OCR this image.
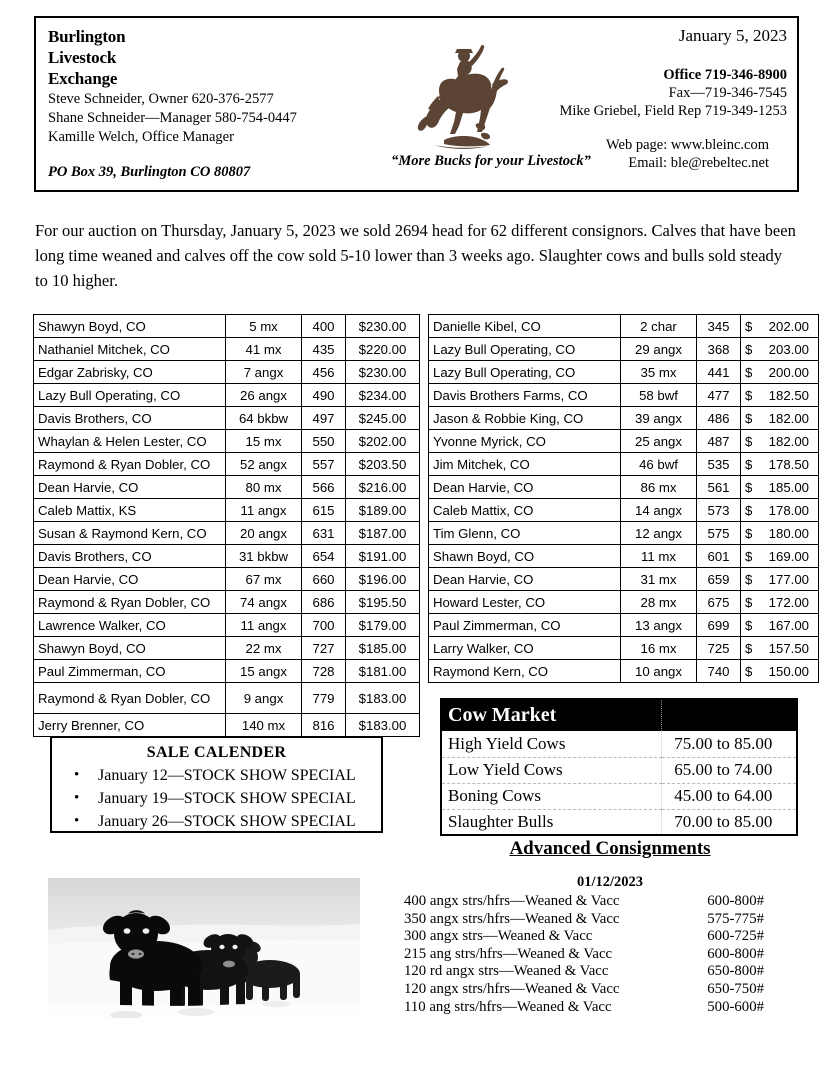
Burlington
Livestock
Exchange
Steve Schneider, Owner 620-376-2577
Shane Schneider—Manager 580-754-0447
Kamille Welch, Office Manager
PO Box 39, Burlington CO 80807
“More Bucks for your Livestock”
January 5, 2023
Office 719-346-8900
Fax—719-346-7545
Mike Griebel, Field Rep 719-349-1253
Web page: www.bleinc.com
Email: ble@rebeltec.net
For our auction on Thursday, January 5, 2023 we sold 2694 head for 62 different consignors. Calves that have been long time weaned and calves off the cow sold 5-10 lower than 3 weeks ago. Slaughter cows and bulls sold steady to 10 higher.
Shawyn Boyd, CO	5 mx	400	$230.00
Nathaniel Mitchek, CO	41 mx	435	$220.00
Edgar Zabrisky, CO	7 angx	456	$230.00
Lazy Bull Operating, CO	26 angx	490	$234.00
Davis Brothers, CO	64 bkbw	497	$245.00
Whaylan & Helen Lester, CO	15 mx	550	$202.00
Raymond & Ryan Dobler, CO	52 angx	557	$203.50
Dean Harvie, CO	80 mx	566	$216.00
Caleb Mattix, KS	11 angx	615	$189.00
Susan & Raymond Kern, CO	20 angx	631	$187.00
Davis Brothers, CO	31 bkbw	654	$191.00
Dean Harvie, CO	67 mx	660	$196.00
Raymond & Ryan Dobler, CO	74 angx	686	$195.50
Lawrence Walker, CO	11 angx	700	$179.00
Shawyn Boyd, CO	22 mx	727	$185.00
Paul Zimmerman, CO	15 angx	728	$181.00
Raymond & Ryan Dobler, CO	9 angx	779	$183.00
Jerry Brenner, CO	140 mx	816	$183.00
Danielle Kibel, CO	2 char	345	$	202.00
Lazy Bull Operating, CO	29 angx	368	$	203.00
Lazy Bull Operating, CO	35 mx	441	$	200.00
Davis Brothers Farms, CO	58 bwf	477	$	182.50
Jason & Robbie King, CO	39 angx	486	$	182.00
Yvonne Myrick, CO	25 angx	487	$	182.00
Jim Mitchek, CO	46 bwf	535	$	178.50
Dean Harvie, CO	86 mx	561	$	185.00
Caleb Mattix, CO	14 angx	573	$	178.00
Tim Glenn, CO	12 angx	575	$	180.00
Shawn Boyd, CO	11 mx	601	$	169.00
Dean Harvie, CO	31 mx	659	$	177.00
Howard Lester, CO	28 mx	675	$	172.00
Paul Zimmerman, CO	13 angx	699	$	167.00
Larry Walker, CO	16 mx	725	$	157.50
Raymond Kern, CO	10 angx	740	$	150.00
SALE CALENDER
• January 12—STOCK SHOW SPECIAL
• January 19—STOCK SHOW SPECIAL
• January 26—STOCK SHOW SPECIAL
Cow Market	
High Yield Cows	75.00 to 85.00
Low Yield Cows	65.00 to 74.00
Boning Cows	45.00 to 64.00
Slaughter Bulls	70.00 to 85.00
Advanced Consignments
01/12/2023
400 angx strs/hfrs—Weaned & Vacc	600-800#
350 angx strs/hfrs—Weaned & Vacc	575-775#
300 angx strs—Weaned & Vacc	600-725#
215 ang strs/hfrs—Weaned & Vacc	600-800#
120 rd angx strs—Weaned & Vacc	650-800#
120 angx strs/hfrs—Weaned & Vacc	650-750#
110 ang strs/hfrs—Weaned & Vacc	500-600#
